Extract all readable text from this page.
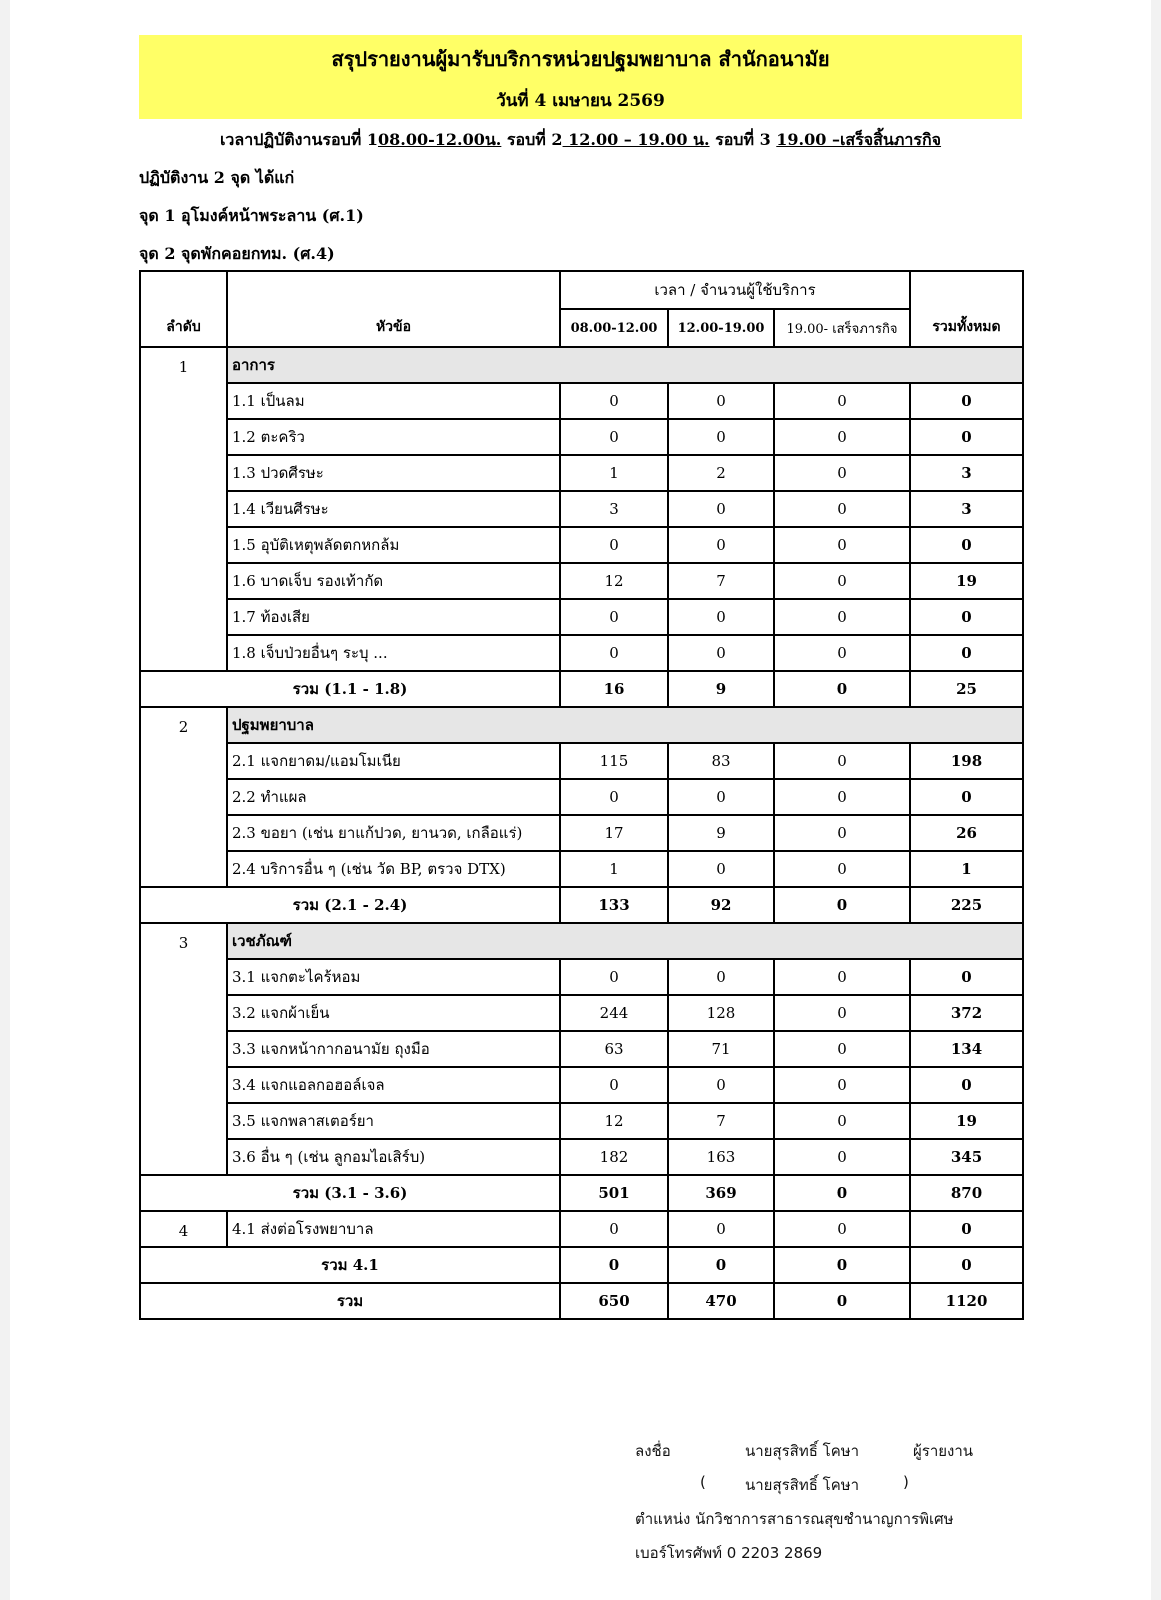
สรุปรายงานผู้มารับบริการหน่วยปฐมพยาบาล สำนักอนามัย
วันที่ 4 เมษายน 2569
เวลาปฏิบัติงานรอบที่ 108.00-12.00น. รอบที่ 2 12.00 – 19.00 น. รอบที่ 3 19.00 –เสร็จสิ้นภารกิจ
ปฏิบัติงาน 2 จุด ได้แก่
จุด 1 อุโมงค์หน้าพระลาน (ศ.1)
จุด 2 จุดพักคอยกทม. (ศ.4)
ลำดับ	หัวข้อ	เวลา / จำนวนผู้ใช้บริการ			รวมทั้งหมด
		08.00-12.00	12.00-19.00	19.00- เสร็จภารกิจ	
1	อาการ				
	1.1 เป็นลม	0	0	0	0
	1.2 ตะคริว	0	0	0	0
	1.3 ปวดศีรษะ	1	2	0	3
	1.4 เวียนศีรษะ	3	0	0	3
	1.5 อุบัติเหตุพลัดตกหกล้ม	0	0	0	0
	1.6 บาดเจ็บ รองเท้ากัด	12	7	0	19
	1.7 ท้องเสีย	0	0	0	0
	1.8 เจ็บป่วยอื่นๆ ระบุ ...	0	0	0	0
รวม (1.1 - 1.8)		16	9	0	25
2	ปฐมพยาบาล				
	2.1 แจกยาดม/แอมโมเนีย	115	83	0	198
	2.2 ทำแผล	0	0	0	0
	2.3 ขอยา (เช่น ยาแก้ปวด, ยานวด, เกลือแร่)	17	9	0	26
	2.4 บริการอื่น ๆ (เช่น วัด BP, ตรวจ DTX)	1	0	0	1
รวม (2.1 - 2.4)		133	92	0	225
3	เวชภัณฑ์				
	3.1 แจกตะไคร้หอม	0	0	0	0
	3.2 แจกผ้าเย็น	244	128	0	372
	3.3 แจกหน้ากากอนามัย ถุงมือ	63	71	0	134
	3.4 แจกแอลกอฮอล์เจล	0	0	0	0
	3.5 แจกพลาสเตอร์ยา	12	7	0	19
	3.6 อื่น ๆ (เช่น ลูกอมไอเสิร์บ)	182	163	0	345
รวม (3.1 - 3.6)		501	369	0	870
4	4.1 ส่งต่อโรงพยาบาล	0	0	0	0
รวม 4.1		0	0	0	0
รวม		650	470	0	1120
ลงชื่อ	นายสุรสิทธิ์ โคษา	ผู้รายงาน
(	นายสุรสิทธิ์ โคษา	)
ตำแหน่ง นักวิชาการสาธารณสุขชำนาญการพิเศษ
เบอร์โทรศัพท์ 0 2203 2869
